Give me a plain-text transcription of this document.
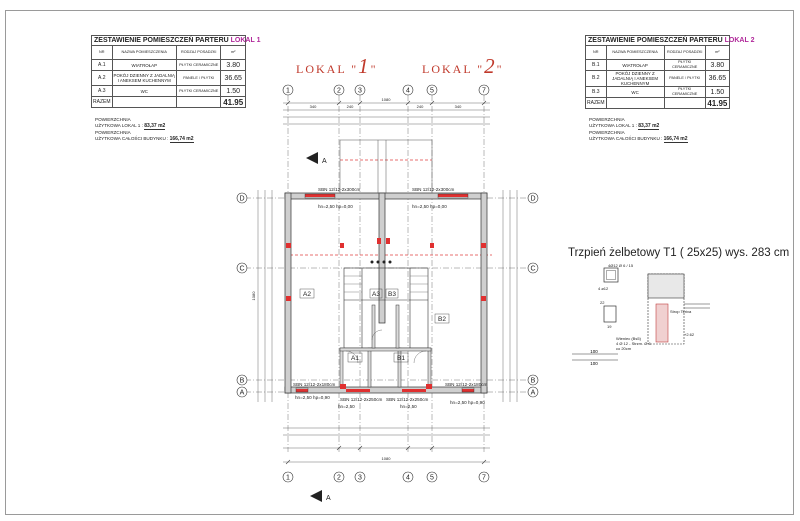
ZESTAWIENIE POMIESZCZEŃ PARTERU LOKAL 1
NR	NAZWA POMIESZCZENIA	RODZAJ POSADZKI	m²
A.1	WIATROŁAP	PŁYTKI CERAMICZNE	3.80
A.2	POKÓJ DZIENNY Z JADALNIĄ I ANEKSEM KUCHENNYM	PANELE / PŁYTKI	36.65
A.3	WC	PŁYTKI CERAMICZNE	1.50
RAZEM			41.95
ZESTAWIENIE POMIESZCZEŃ PARTERU LOKAL 2
NR	NAZWA POMIESZCZENIA	RODZAJ POSADZKI	m²
B.1	WIATROŁAP	PŁYTKI CERAMICZNE	3.80
B.2	POKÓJ DZIENNY Z JADALNIĄ I ANEKSEM KUCHENNYM	PANELE / PŁYTKI	36.65
B.3	WC	PŁYTKI CERAMICZNE	1.50
RAZEM			41.95
POWIERZCHNIA
UŻYTKOWA LOKAL 1 : 83,37 m2
POWIERZCHNIA
UŻYTKOWA CAŁOŚCI BUDYNKU : 166,74 m2
POWIERZCHNIA
UŻYTKOWA LOKAL 1 : 83,37 m2
POWIERZCHNIA
UŻYTKOWA CAŁOŚCI BUDYNKU : 166,74 m2
LOKAL "1"	LOKAL "2"
1	2 3	4	5	7
1	2 3	4	5	7
D
C
B
A
D
C
B
A
1080
340	240	240	340
1080
1080	A2
B2
A1	B1
A3 B3
SBN 12/12-2x300cm	SBN 12/12-2x300cm
hn=2,50 hp=0,00	hn=2,50 hp=0,00
SBN 12/12-2x180cm	SBN 12/12-2x180cm
SBN 12/12-2x250cm SBN 12/12-2x250cm
hn=2,50 hp=0,90
hn=2,50 hp=0,90
hn=2,50	hn=2,50
A
A
Trzpień żelbetowy T1 ( 25x25) wys. 283 cm
4Ø12 Ø 6 / 15
4 ø12
22
19
Wieniec (Bs5)
4 Ø 12 - Strzm. Ø 6
co 20cm
Strop Teriva
+2.62
100
100
